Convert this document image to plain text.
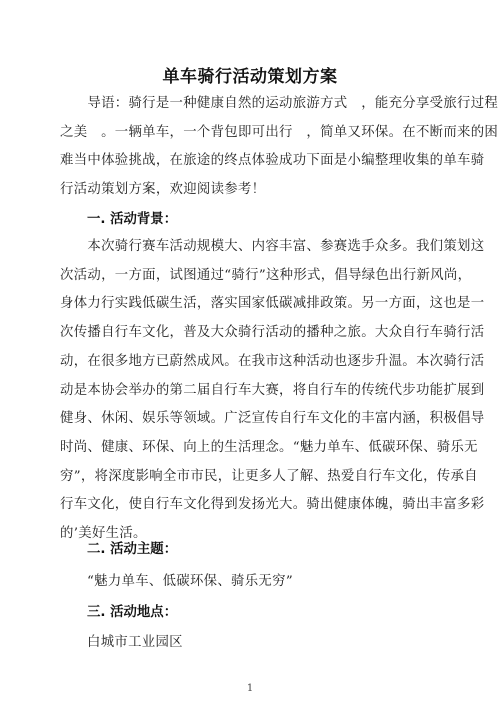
单车骑行活动策划方案
　　导语：骑行是一种健康自然的运动旅游方式　，能充分享受旅行过程
之美　。一辆单车，一个背包即可出行　，简单又环保。在不断而来的困
难当中体验挑战，在旅途的终点体验成功下面是小编整理收集的单车骑
行活动策划方案，欢迎阅读参考！
一. 活动背景：
　　本次骑行赛车活动规模大、内容丰富、参赛选手众多。我们策划这
次活动，一方面，试图通过“骑行”这种形式，倡导绿色出行新风尚，
身体力行实践低碳生活，落实国家低碳减排政策。另一方面，这也是一
次传播自行车文化，普及大众骑行活动的播种之旅。大众自行车骑行活
动，在很多地方已蔚然成风。在我市这种活动也逐步升温。本次骑行活
动是本协会举办的第二届自行车大赛，将自行车的传统代步功能扩展到
健身、休闲、娱乐等领域。广泛宣传自行车文化的丰富内涵，积极倡导
时尚、健康、环保、向上的生活理念。“魅力单车、低碳环保、骑乐无
穷”，将深度影响全市市民，让更多人了解、热爱自行车文化，传承自
行车文化，使自行车文化得到发扬光大。骑出健康体魄，骑出丰富多彩
的’美好生活。
二. 活动主题：
“魅力单车、低碳环保、骑乐无穷”
三. 活动地点：
白城市工业园区
1
